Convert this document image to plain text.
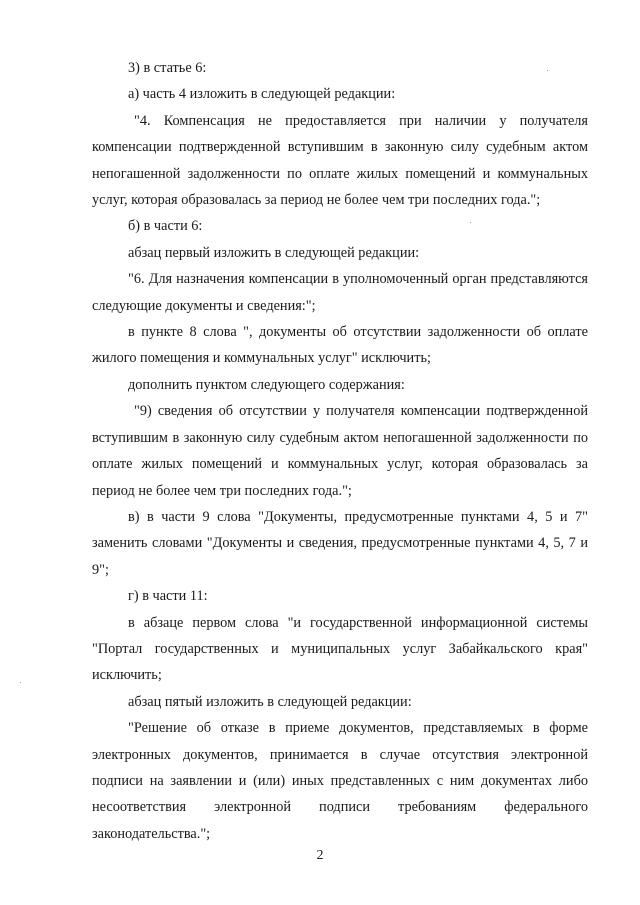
3) в статье 6:

а) часть 4 изложить в следующей редакции:

"4. Компенсация не предоставляется при наличии у получателя компенсации подтвержденной вступившим в законную силу судебным актом непогашенной задолженности по оплате жилых помещений и коммунальных услуг, которая образовалась за период не более чем три последних года.";

б) в части 6:

абзац первый изложить в следующей редакции:

"6. Для назначения компенсации в уполномоченный орган представляются следующие документы и сведения:";

в пункте 8 слова ", документы об отсутствии задолженности об оплате жилого помещения и коммунальных услуг" исключить;

дополнить пунктом следующего содержания:

"9) сведения об отсутствии у получателя компенсации подтвержденной вступившим в законную силу судебным актом непогашенной задолженности по оплате жилых помещений и коммунальных услуг, которая образовалась за период не более чем три последних года.";

в) в части 9 слова "Документы, предусмотренные пунктами 4, 5 и 7" заменить словами "Документы и сведения, предусмотренные пунктами 4, 5, 7 и 9";

г) в части 11:

в абзаце первом слова "и государственной информационной системы "Портал государственных и муниципальных услуг Забайкальского края" исключить;

абзац пятый изложить в следующей редакции:

"Решение об отказе в приеме документов, представляемых в форме электронных документов, принимается в случае отсутствия электронной подписи на заявлении и (или) иных представленных с ним документах либо несоответствия электронной подписи требованиям федерального законодательства.";

2
